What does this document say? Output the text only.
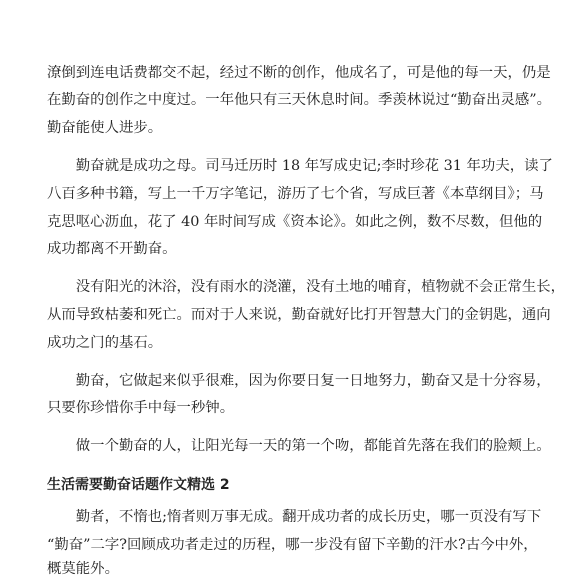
潦倒到连电话费都交不起，经过不断的创作，他成名了，可是他的每一天，仍是
在勤奋的创作之中度过。一年他只有三天休息时间。季羡林说过“勤奋出灵感”。
勤奋能使人进步。
　　勤奋就是成功之母。司马迁历时 18 年写成史记;李时珍花 31 年功夫，读了
八百多种书籍，写上一千万字笔记，游历了七个省，写成巨著《本草纲目》；马
克思呕心沥血，花了 40 年时间写成《资本论》。如此之例，数不尽数，但他的
成功都离不开勤奋。
　　没有阳光的沐浴，没有雨水的浇灌，没有土地的哺育，植物就不会正常生长，
从而导致枯萎和死亡。而对于人来说，勤奋就好比打开智慧大门的金钥匙，通向
成功之门的基石。
　　勤奋，它做起来似乎很难，因为你要日复一日地努力，勤奋又是十分容易，
只要你珍惜你手中每一秒钟。
　　做一个勤奋的人，让阳光每一天的第一个吻，都能首先落在我们的脸颊上。
生活需要勤奋话题作文精选 2
　　勤者，不惰也;惰者则万事无成。翻开成功者的成长历史，哪一页没有写下
“勤奋”二字?回顾成功者走过的历程，哪一步没有留下辛勤的汗水?古今中外，
概莫能外。
